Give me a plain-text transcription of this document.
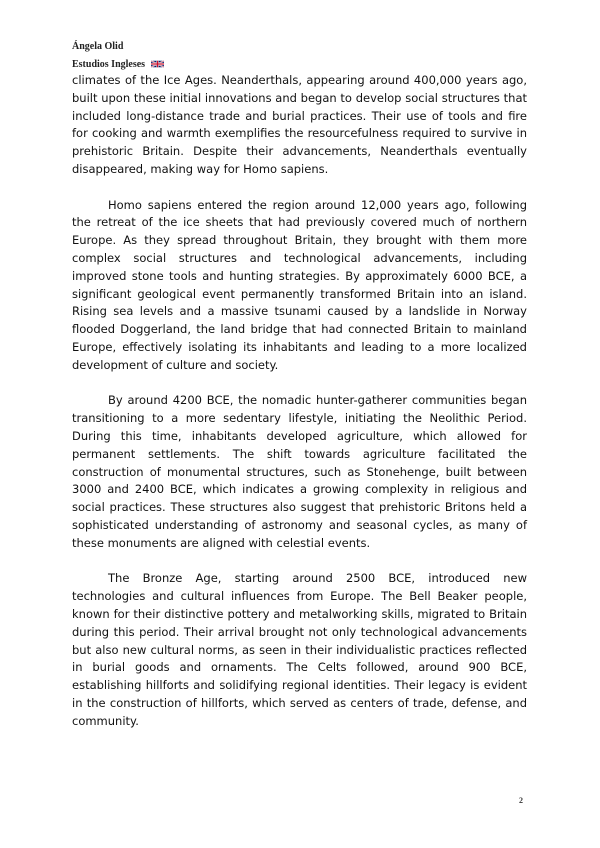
Ángela Olid
Estudios Ingleses

climates of the Ice Ages. Neanderthals, appearing around 400,000 years ago, built upon these initial innovations and began to develop social structures that included long-distance trade and burial practices. Their use of tools and fire for cooking and warmth exemplifies the resourcefulness required to survive in prehistoric Britain. Despite their advancements, Neanderthals eventually disappeared, making way for Homo sapiens.

Homo sapiens entered the region around 12,000 years ago, following the retreat of the ice sheets that had previously covered much of northern Europe. As they spread throughout Britain, they brought with them more complex social structures and technological advancements, including improved stone tools and hunting strategies. By approximately 6000 BCE, a significant geological event permanently transformed Britain into an island. Rising sea levels and a massive tsunami caused by a landslide in Norway flooded Doggerland, the land bridge that had connected Britain to mainland Europe, effectively isolating its inhabitants and leading to a more localized development of culture and society.

By around 4200 BCE, the nomadic hunter-gatherer communities began transitioning to a more sedentary lifestyle, initiating the Neolithic Period. During this time, inhabitants developed agriculture, which allowed for permanent settlements. The shift towards agriculture facilitated the construction of monumental structures, such as Stonehenge, built between 3000 and 2400 BCE, which indicates a growing complexity in religious and social practices. These structures also suggest that prehistoric Britons held a sophisticated understanding of astronomy and seasonal cycles, as many of these monuments are aligned with celestial events.

The Bronze Age, starting around 2500 BCE, introduced new technologies and cultural influences from Europe. The Bell Beaker people, known for their distinctive pottery and metalworking skills, migrated to Britain during this period. Their arrival brought not only technological advancements but also new cultural norms, as seen in their individualistic practices reflected in burial goods and ornaments. The Celts followed, around 900 BCE, establishing hillforts and solidifying regional identities. Their legacy is evident in the construction of hillforts, which served as centers of trade, defense, and community.

2
